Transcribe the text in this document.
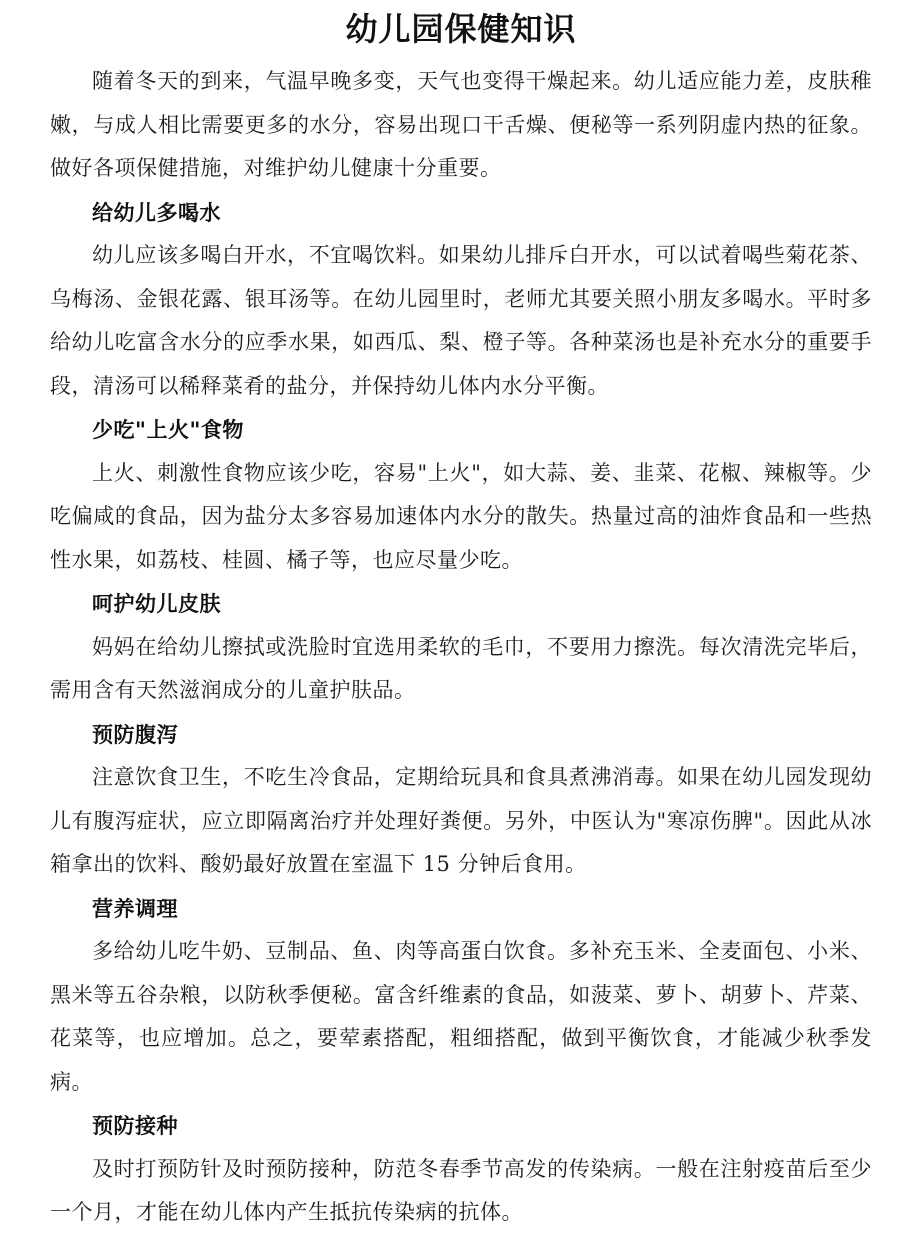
幼儿园保健知识

随着冬天的到来，气温早晚多变，天气也变得干燥起来。幼儿适应能力差，皮肤稚嫩，与成人相比需要更多的水分，容易出现口干舌燥、便秘等一系列阴虚内热的征象。做好各项保健措施，对维护幼儿健康十分重要。

给幼儿多喝水

幼儿应该多喝白开水，不宜喝饮料。如果幼儿排斥白开水，可以试着喝些菊花茶、乌梅汤、金银花露、银耳汤等。在幼儿园里时，老师尤其要关照小朋友多喝水。平时多给幼儿吃富含水分的应季水果，如西瓜、梨、橙子等。各种菜汤也是补充水分的重要手段，清汤可以稀释菜肴的盐分，并保持幼儿体内水分平衡。

少吃"上火"食物

上火、刺激性食物应该少吃，容易"上火"，如大蒜、姜、韭菜、花椒、辣椒等。少吃偏咸的食品，因为盐分太多容易加速体内水分的散失。热量过高的油炸食品和一些热性水果，如荔枝、桂圆、橘子等，也应尽量少吃。

呵护幼儿皮肤

妈妈在给幼儿擦拭或洗脸时宜选用柔软的毛巾，不要用力擦洗。每次清洗完毕后，需用含有天然滋润成分的儿童护肤品。

预防腹泻

注意饮食卫生，不吃生冷食品，定期给玩具和食具煮沸消毒。如果在幼儿园发现幼儿有腹泻症状，应立即隔离治疗并处理好粪便。另外，中医认为"寒凉伤脾"。因此从冰箱拿出的饮料、酸奶最好放置在室温下 15 分钟后食用。

营养调理

多给幼儿吃牛奶、豆制品、鱼、肉等高蛋白饮食。多补充玉米、全麦面包、小米、黑米等五谷杂粮，以防秋季便秘。富含纤维素的食品，如菠菜、萝卜、胡萝卜、芹菜、花菜等，也应增加。总之，要荤素搭配，粗细搭配，做到平衡饮食，才能减少秋季发病。

预防接种

及时打预防针及时预防接种，防范冬春季节高发的传染病。一般在注射疫苗后至少一个月，才能在幼儿体内产生抵抗传染病的抗体。
